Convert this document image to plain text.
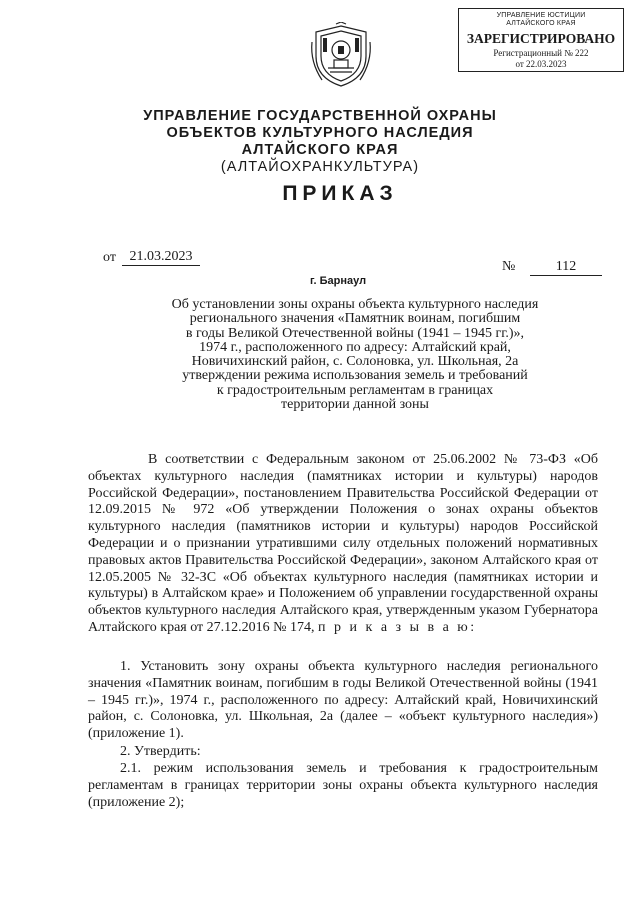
УПРАВЛЕНИЕ ЮСТИЦИИ
АЛТАЙСКОГО КРАЯ
ЗАРЕГИСТРИРОВАНО
Регистрационный № 222
от 22.03.2023
УПРАВЛЕНИЕ ГОСУДАРСТВЕННОЙ ОХРАНЫ
ОБЪЕКТОВ КУЛЬТУРНОГО НАСЛЕДИЯ
АЛТАЙСКОГО КРАЯ
(АЛТАЙОХРАНКУЛЬТУРА)
ПРИКАЗ
от 21.03.2023
№	112
г. Барнаул
Об установлении зоны охраны объекта культурного наследия
регионального значения «Памятник воинам, погибшим
в годы Великой Отечественной войны (1941 – 1945 гг.)»,
1974 г., расположенного по адресу: Алтайский край,
Новичихинский район, с. Солоновка, ул. Школьная, 2а
утверждении режима использования земель и требований
к градостроительным регламентам в границах
территории данной зоны
В соответствии с Федеральным законом от 25.06.2002 № 73-ФЗ «Об объектах культурного наследия (памятниках истории и культуры) народов Российской Федерации», постановлением Правительства Российской Федерации от 12.09.2015 № 972 «Об утверждении Положения о зонах охраны объектов культурного наследия (памятников истории и культуры) народов Российской Федерации и о признании утратившими силу отдельных положений нормативных правовых актов Правительства Российской Федерации», законом Алтайского края от 12.05.2005 № 32-ЗС «Об объектах культурного наследия (памятниках истории и культуры) в Алтайском крае» и Положением об управлении государственной охраны объектов культурного наследия Алтайского края, утвержденным указом Губернатора Алтайского края от 27.12.2016 № 174, п р и к а з ы в а ю:
1. Установить зону охраны объекта культурного наследия регионального значения «Памятник воинам, погибшим в годы Великой Отечественной войны (1941 – 1945 гг.)», 1974 г., расположенного по адресу: Алтайский край, Новичихинский район, с. Солоновка, ул. Школьная, 2а (далее – «объект культурного наследия») (приложение 1).
2. Утвердить:
2.1. режим использования земель и требования к градостроительным регламентам в границах территории зоны охраны объекта культурного наследия (приложение 2);
